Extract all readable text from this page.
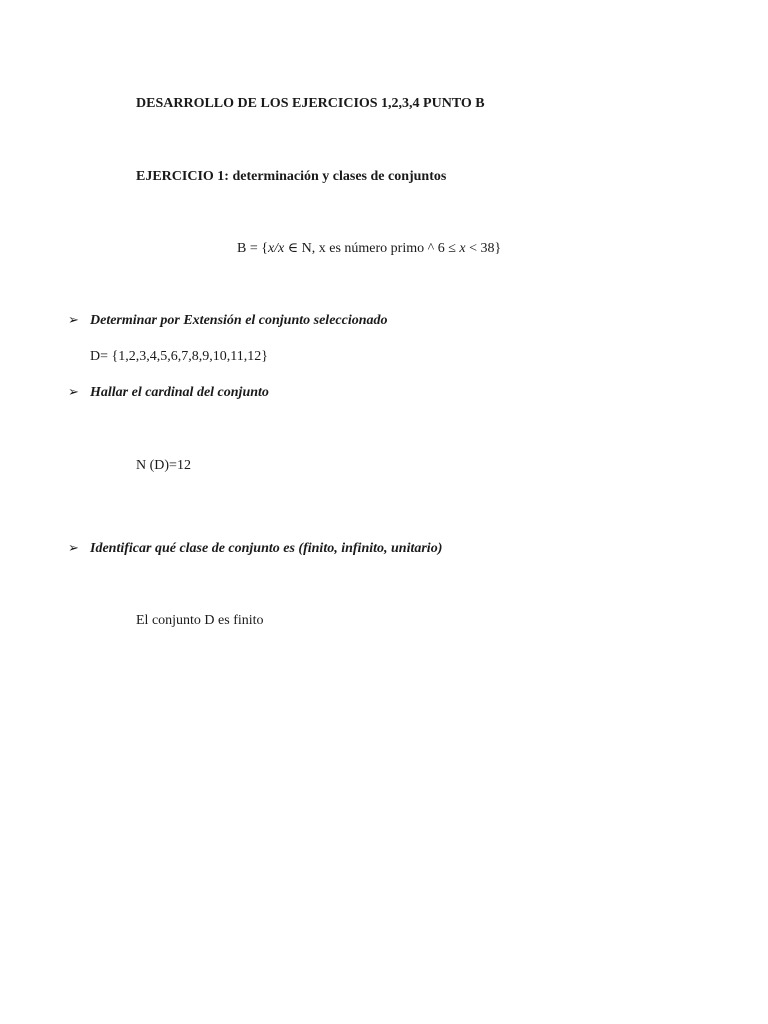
DESARROLLO DE LOS EJERCICIOS 1,2,3,4 PUNTO B
EJERCICIO 1: determinación y clases de conjuntos
B = {x/x ∈ N, x es número primo ^ 6 ≤ x < 38}
➢ Determinar por Extensión el conjunto seleccionado
D= {1,2,3,4,5,6,7,8,9,10,11,12}
➢ Hallar el cardinal del conjunto
N (D)=12
➢ Identificar qué clase de conjunto es (finito, infinito, unitario)
El conjunto D es finito
